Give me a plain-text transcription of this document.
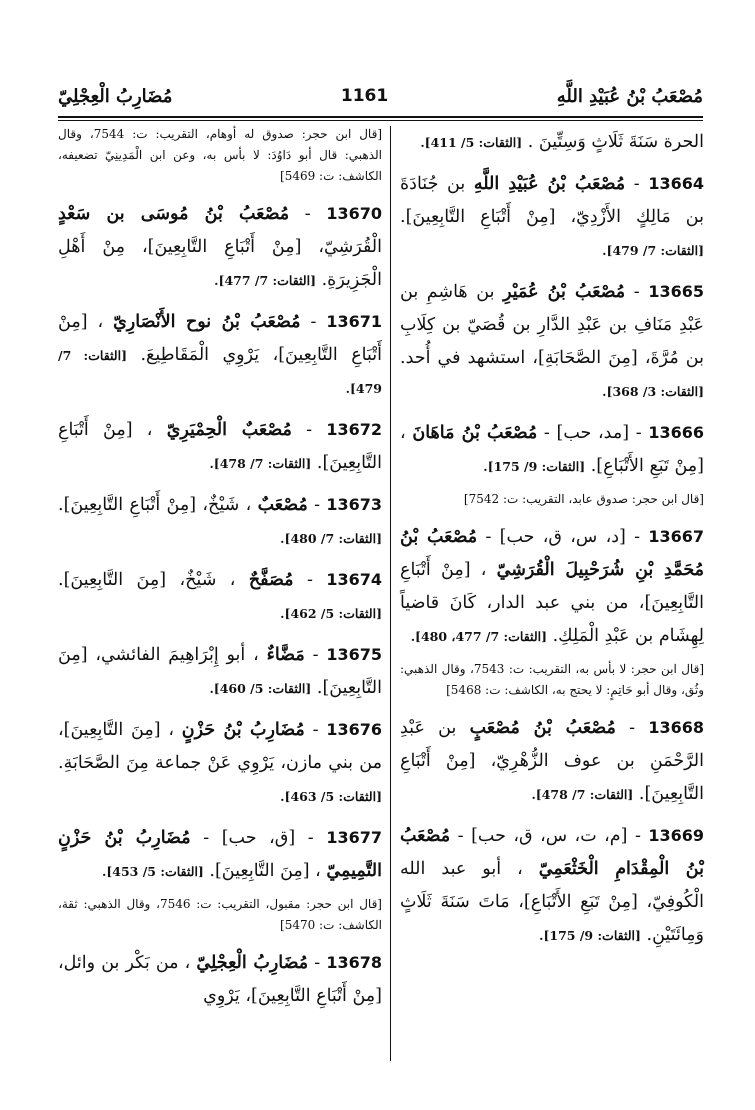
مُضَارِبُ الْعِجْلِيّ	1161	مُصْعَبُ بْنُ عُبَيْدِ اللَّهِ
الحرة سَنَةَ ثَلَاثٍ وَسِتِّينَ . [الثقات: 5/ 411].
13664 - مُصْعَبُ بْنُ عُبَيْدِ اللَّهِ بن جُنَادَةَ بن مَالِكٍ الأَزْدِيّ، [مِنْ أَتْبَاعِ التَّابِعِينَ]. [الثقات: 7/ 479].
13665 - مُصْعَبُ بْنُ عُمَيْرِ بن هَاشِمِ بن عَبْدِ مَنَافِ بن عَبْدِ الدَّارِ بن قُصَيّ بن كِلَابِ بن مُرَّةَ، [مِنَ الصَّحَابَةِ]، استشهد في أُحد. [الثقات: 3/ 368].
13666 - [مد، حب] - مُصْعَبُ بْنُ مَاهَانَ ، [مِنْ تَبَعِ الأَتْبَاعِ]. [الثقات: 9/ 175].
[قال ابن حجر: صدوق عابد، التقريب: ت: 7542]
13667 - [د، س، ق، حب] - مُصْعَبُ بْنُ مُحَمَّدِ بْنِ شُرَحْبِيلَ الْقُرَشِيّ ، [مِنْ أَتْبَاعِ التَّابِعِينَ]، من بني عبد الدار، كَانَ قاضياً لِهِشَام بن عَبْدِ الْمَلِكِ. [الثقات: 7/ 477، 480].
[قال ابن حجر: لا بأس به، التقريب: ت: 7543، وقال الذهبي: وثُق، وقال أبو حَاتِمٍ: لا يحتج به، الكاشف: ت: 5468]
13668 - مُصْعَبُ بْنُ مُصْعَبٍ بن عَبْدِ الرَّحْمَنِ بن عوف الزُّهْرِيّ، [مِنْ أَتْبَاعِ التَّابِعِينَ]. [الثقات: 7/ 478].
13669 - [م، ت، س، ق، حب] - مُصْعَبُ بْنُ الْمِقْدَامِ الْخَثْعَمِيّ ، أبو عبد الله الْكُوفِيّ، [مِنْ تَبَعِ الأَتْبَاعِ]، مَاتَ سَنَةَ ثَلَاثٍ وَمِائَتَيْنِ. [الثقات: 9/ 175].
[قال ابن حجر: صدوق له أوهام، التقريب: ت: 7544، وقال الذهبي: قال أبو دَاوُدَ: لا بأس به، وعن ابن الْمَدِينِيّ تضعيفه، الكاشف: ت: 5469]
13670 - مُصْعَبُ بْنُ مُوسَى بن سَعْدٍ الْقُرَشِيّ، [مِنْ أَتْبَاعِ التَّابِعِينَ]، مِنْ أَهْلِ الْجَزِيرَةِ. [الثقات: 7/ 477].
13671 - مُصْعَبُ بْنُ نوح الأَنْصَارِيّ ، [مِنْ أَتْبَاعِ التَّابِعِينَ]، يَرْوِي الْمَقَاطِيعَ. [الثقات: 7/ 479].
13672 - مُصْعَبٌ الْحِمْيَرِيّ ، [مِنْ أَتْبَاعِ التَّابِعِينَ]. [الثقات: 7/ 478].
13673 - مُصْعَبٌ ، شَيْخٌ، [مِنْ أَتْبَاعِ التَّابِعِينَ]. [الثقات: 7/ 480].
13674 - مُصَفَّحٌ ، شَيْخٌ، [مِنَ التَّابِعِينَ]. [الثقات: 5/ 462].
13675 - مَضَّاءٌ ، أبو إِبْرَاهِيمَ الفائشي، [مِنَ التَّابِعِينَ]. [الثقات: 5/ 460].
13676 - مُضَارِبُ بْنُ حَزْنٍ ، [مِنَ التَّابِعِينَ]، من بني مازن، يَرْوِي عَنْ جماعة مِنَ الصَّحَابَةِ. [الثقات: 5/ 463].
13677 - [ق، حب] - مُضَارِبُ بْنُ حَزْنٍ التَّمِيمِيّ ، [مِنَ التَّابِعِينَ]. [الثقات: 5/ 453].
[قال ابن حجر: مقبول، التقريب: ت: 7546، وقال الذهبي: ثقة، الكاشف: ت: 5470]
13678 - مُضَارِبُ الْعِجْلِيّ ، من بَكْر بن وائل، [مِنْ أَتْبَاعِ التَّابِعِينَ]، يَرْوِي
